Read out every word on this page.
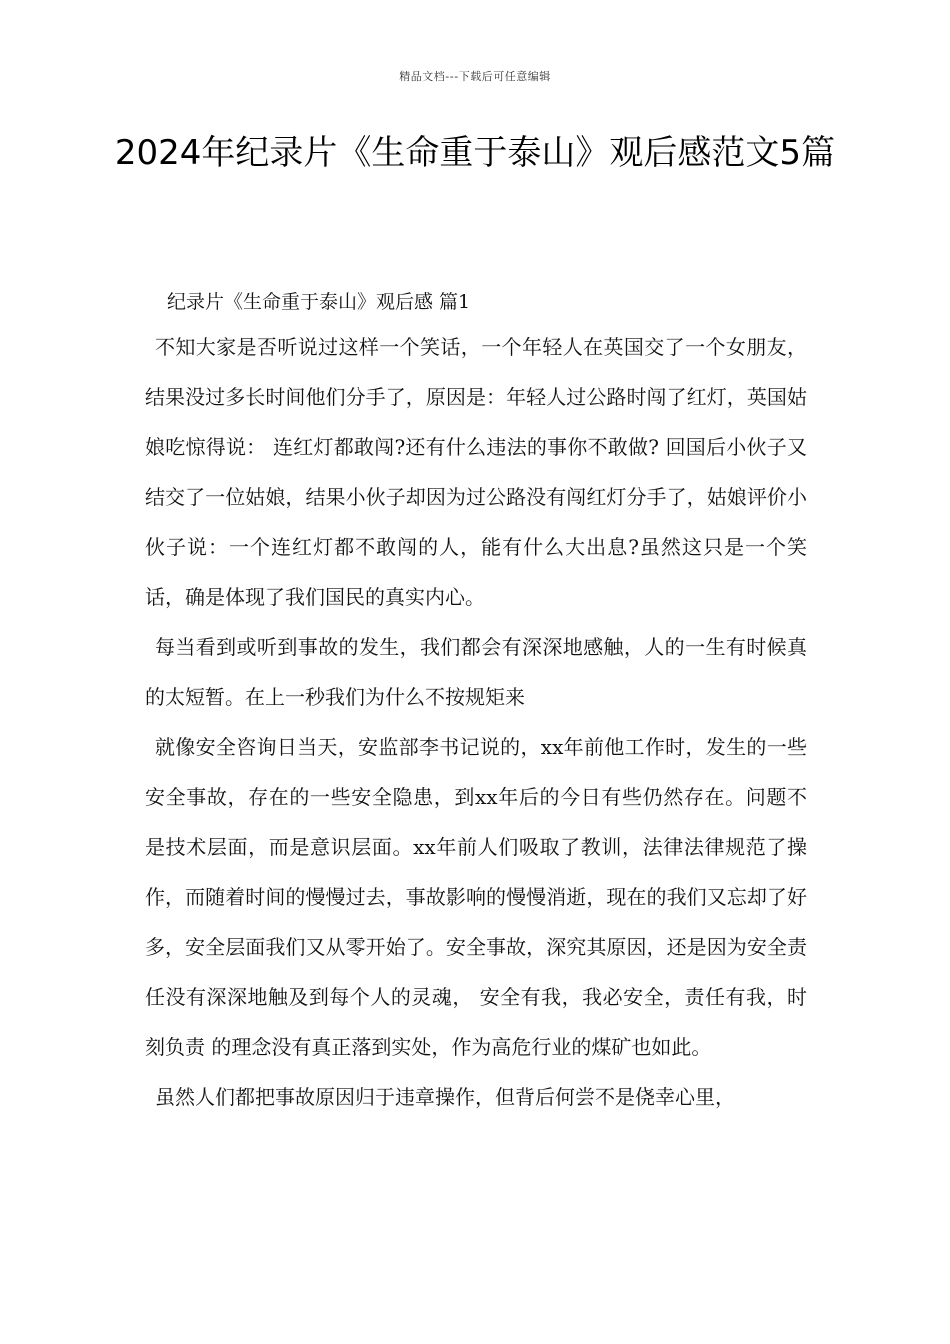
精品文档---下载后可任意编辑
2024年纪录片《生命重于泰山》观后感范文5篇

纪录片《生命重于泰山》观后感 篇1

不知大家是否听说过这样一个笑话，一个年轻人在英国交了一个女朋友，结果没过多长时间他们分手了，原因是：年轻人过公路时闯了红灯，英国姑娘吃惊得说： 连红灯都敢闯?还有什么违法的事你不敢做? 回国后小伙子又结交了一位姑娘，结果小伙子却因为过公路没有闯红灯分手了，姑娘评价小伙子说：一个连红灯都不敢闯的人，能有什么大出息?虽然这只是一个笑话，确是体现了我们国民的真实内心。

每当看到或听到事故的发生，我们都会有深深地感触，人的一生有时候真的太短暂。在上一秒我们为什么不按规矩来

就像安全咨询日当天，安监部李书记说的，xx年前他工作时，发生的一些安全事故，存在的一些安全隐患，到xx年后的今日有些仍然存在。问题不是技术层面，而是意识层面。xx年前人们吸取了教训，法律法律规范了操作，而随着时间的慢慢过去，事故影响的慢慢消逝，现在的我们又忘却了好多，安全层面我们又从零开始了。安全事故，深究其原因，还是因为安全责任没有深深地触及到每个人的灵魂， 安全有我，我必安全，责任有我，时刻负责 的理念没有真正落到实处，作为高危行业的煤矿也如此。

虽然人们都把事故原因归于违章操作，但背后何尝不是侥幸心里，
